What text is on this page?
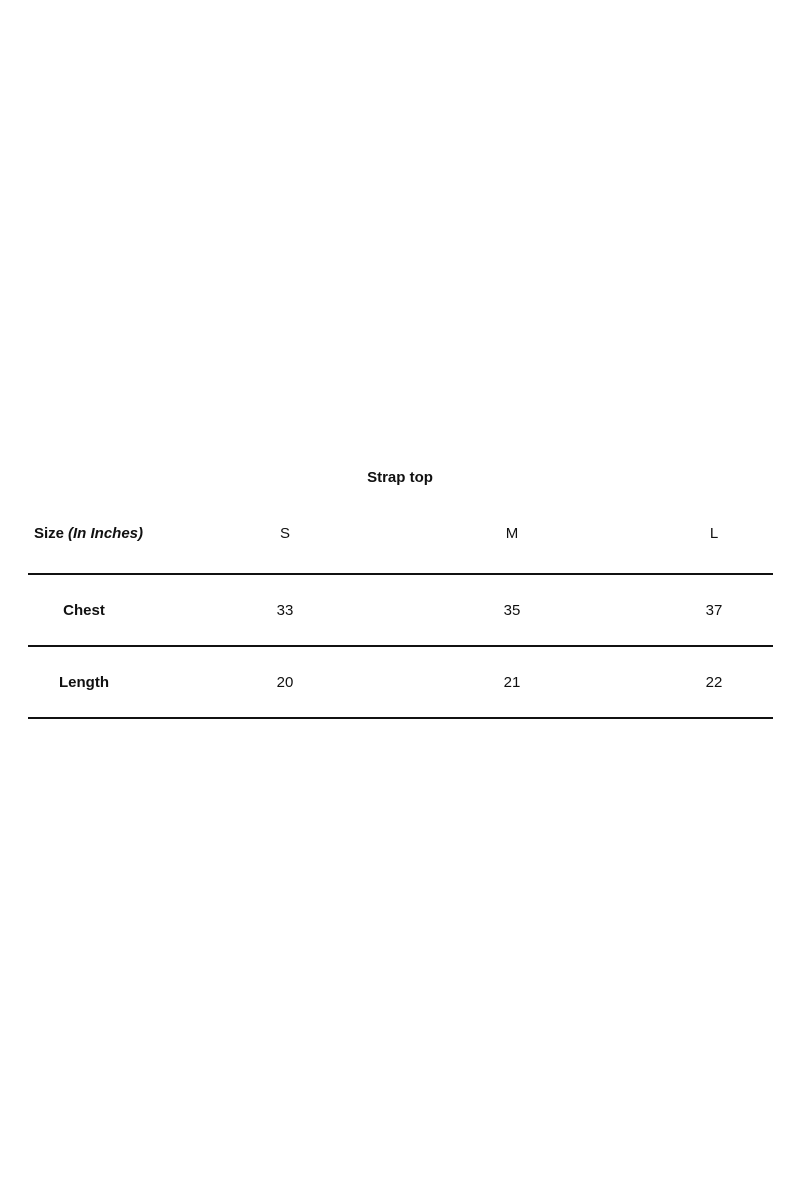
Strap top
Size (In Inches)	S	M	L
Chest	33	35	37
Length	20	21	22
